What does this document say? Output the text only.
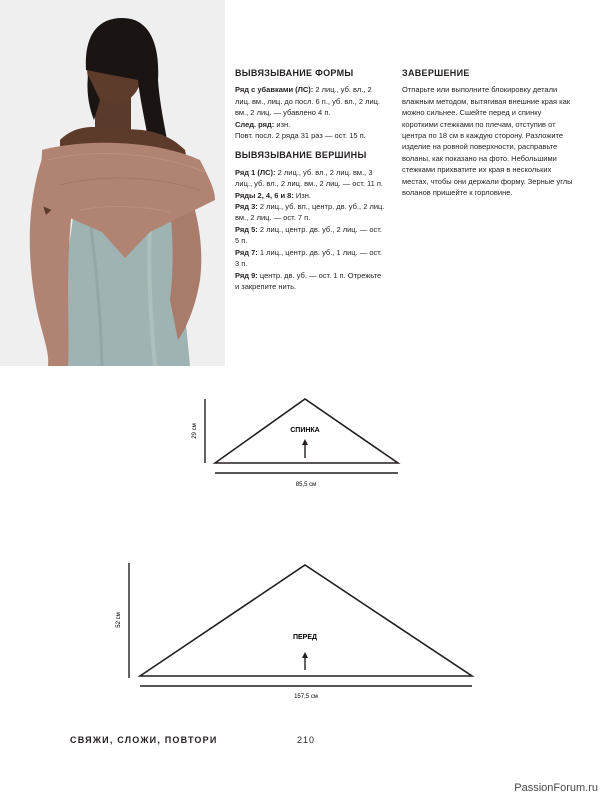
ВЫВЯЗЫВАНИЕ ФОРМЫ

Ряд с убавками (ЛС): 2 лиц., уб. вл., 2 лиц. вм., лиц. до посл. 6 п., уб. вл., 2 лиц. вм., 2 лиц. — убавлено 4 п.

След. ряд: изн.

Повт. посл. 2 ряда 31 раз — ост. 15 п.

ВЫВЯЗЫВАНИЕ ВЕРШИНЫ

Ряд 1 (ЛС): 2 лиц., уб. вл., 2 лиц. вм., 3 лиц., уб. вл., 2 лиц. вм., 2 лиц. — ост. 11 п.

Ряды 2, 4, 6 и 8: Изн.

Ряд 3: 2 лиц., уб. вл., центр. дв. уб., 2 лиц. вм., 2 лиц. — ост. 7 п.

Ряд 5: 2 лиц., центр. дв. уб., 2 лиц. — ост. 5 п.

Ряд 7: 1 лиц., центр. дв. уб., 1 лиц. — ост. 3 п.

Ряд 9: центр. дв. уб. — ост. 1 п. Отрежьте и закрепите нить.

ЗАВЕРШЕНИЕ

Отпарьте или выполните блокировку детали влажным методом, вытягивая внешние края как можно сильнее. Сшейте перед и спинку короткими стежками по плечам, отступив от центра по 18 см в каждую сторону. Разложите изделие на ровной поверхности, расправьте воланы, как показано на фото. Небольшими стежками прихватите их края в нескольких местах, чтобы они держали форму. Зерные углы воланов пришейте к горловине.

СПИНКА
29 см
85,5 см
ПЕРЕД
52 см
157,5 см
СВЯЖИ, СЛОЖИ, ПОВТОРИ	210
PassionForum.ru
